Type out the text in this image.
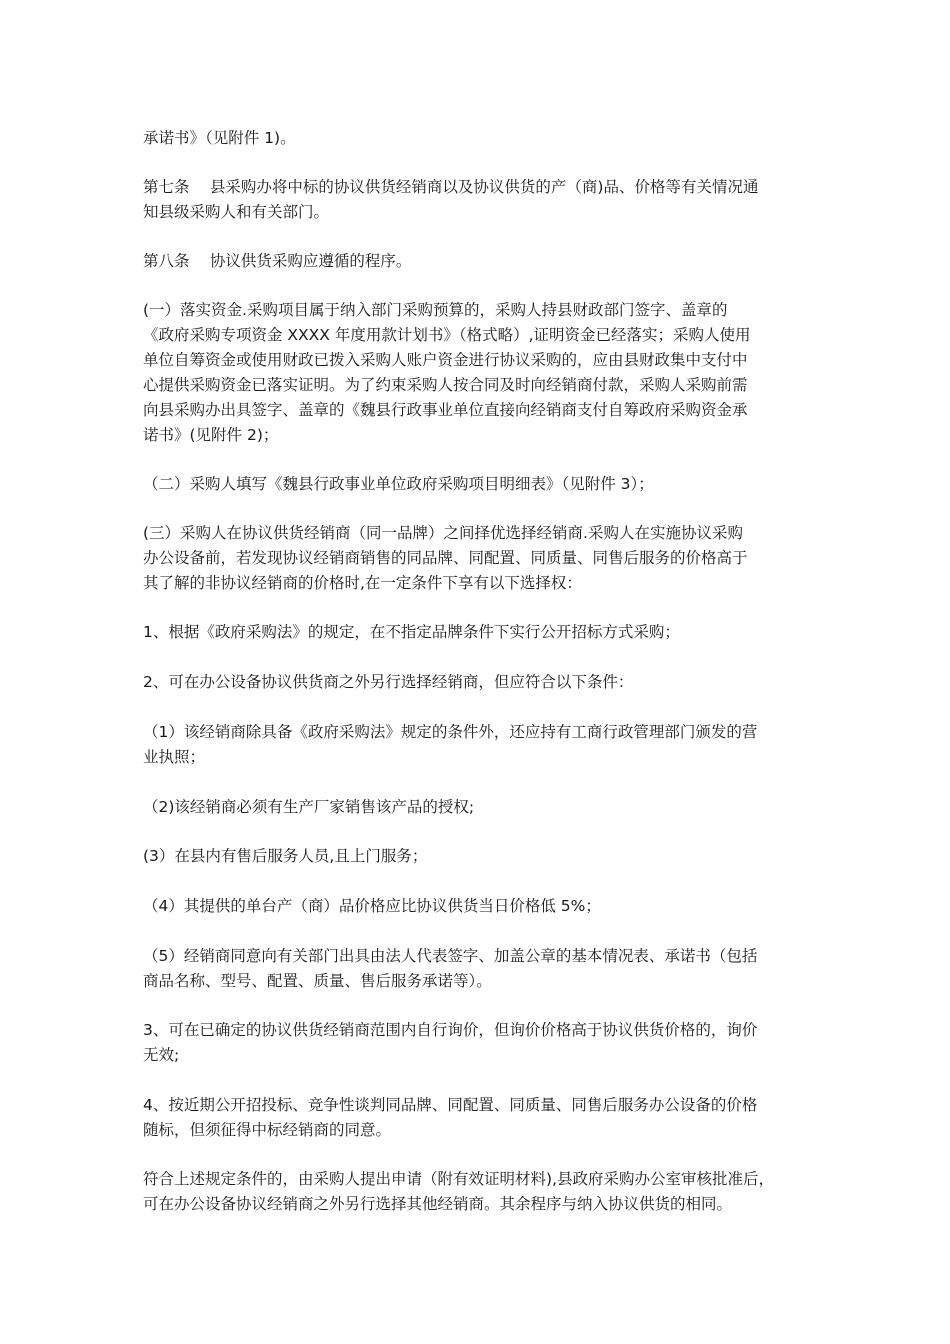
承诺书》（见附件 1)。
第七条　 县采购办将中标的协议供货经销商以及协议供货的产（商)品、价格等有关情况通
知县级采购人和有关部门。
第八条　 协议供货采购应遵循的程序。
(一）落实资金.采购项目属于纳入部门采购预算的，采购人持县财政部门签字、盖章的
《政府采购专项资金 XXXX 年度用款计划书》（格式略）,证明资金已经落实；采购人使用
单位自筹资金或使用财政已拨入采购人账户资金进行协议采购的，应由县财政集中支付中
心提供采购资金已落实证明。为了约束采购人按合同及时向经销商付款，采购人采购前需
向县采购办出具签字、盖章的《魏县行政事业单位直接向经销商支付自筹政府采购资金承
诺书》(见附件 2)；
（二）采购人填写《魏县行政事业单位政府采购项目明细表》（见附件 3）；
(三）采购人在协议供货经销商（同一品牌）之间择优选择经销商.采购人在实施协议采购
办公设备前，若发现协议经销商销售的同品牌、同配置、同质量、同售后服务的价格高于
其了解的非协议经销商的价格时,在一定条件下享有以下选择权：
1、根据《政府采购法》的规定，在不指定品牌条件下实行公开招标方式采购；
2、可在办公设备协议供货商之外另行选择经销商，但应符合以下条件：
（1）该经销商除具备《政府采购法》规定的条件外，还应持有工商行政管理部门颁发的营
业执照；
（2)该经销商必须有生产厂家销售该产品的授权;
(3）在县内有售后服务人员,且上门服务；
（4）其提供的单台产（商）品价格应比协议供货当日价格低 5%；
（5）经销商同意向有关部门出具由法人代表签字、加盖公章的基本情况表、承诺书（包括
商品名称、型号、配置、质量、售后服务承诺等）。
3、可在已确定的协议供货经销商范围内自行询价，但询价价格高于协议供货价格的，询价
无效;
4、按近期公开招投标、竞争性谈判同品牌、同配置、同质量、同售后服务办公设备的价格
随标，但须征得中标经销商的同意。
符合上述规定条件的，由采购人提出申请（附有效证明材料),县政府采购办公室审核批准后，
可在办公设备协议经销商之外另行选择其他经销商。其余程序与纳入协议供货的相同。
